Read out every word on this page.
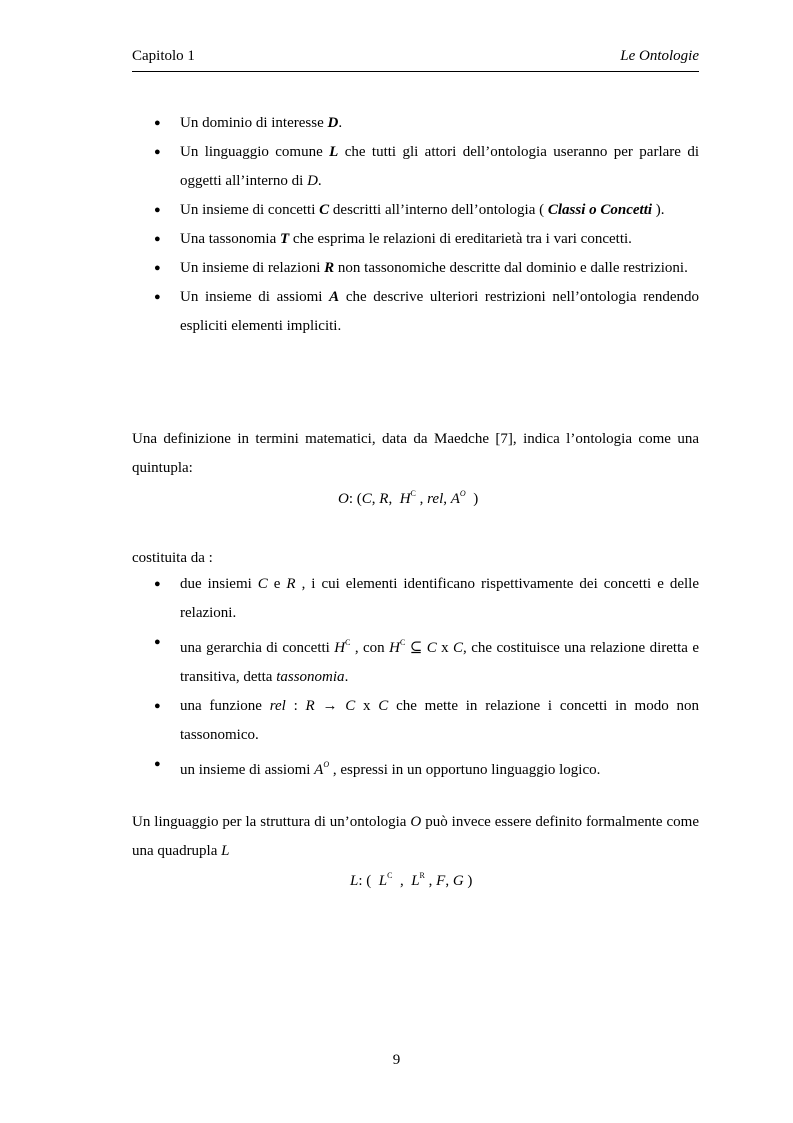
Capitolo 1	Le Ontologie
● Un dominio di interesse D.
● Un linguaggio comune L che tutti gli attori dell’ontologia useranno per parlare di oggetti all’interno di D.
● Un insieme di concetti C descritti all’interno dell’ontologia ( Classi o Concetti ).
● Una tassonomia T che esprima le relazioni di ereditarietà tra i vari concetti.
● Un insieme di relazioni R non tassonomiche descritte dal dominio e dalle restrizioni.
● Un insieme di assiomi A che descrive ulteriori restrizioni nell’ontologia rendendo espliciti elementi impliciti.

Una definizione in termini matematici, data da Maedche [7], indica l’ontologia come una quintupla:

O: (C, R,  $H^C$ , rel, $A^O$  )

costituita da :

● due insiemi C e R , i cui elementi identificano rispettivamente dei concetti e delle relazioni.
● una gerarchia di concetti $H^C$ , con $H^C$ ⊆ C x C, che costituisce una relazione diretta e transitiva, detta tassonomia.
● una funzione rel : R → C x C che mette in relazione i concetti in modo non tassonomico.
● un insieme di assiomi $A^O$ , espressi in un opportuno linguaggio logico.

Un linguaggio per la struttura di un’ontologia O può invece essere definito formalmente come una quadrupla L

L: (  $L^C$  ,  $L^R$ , F, G )

9
